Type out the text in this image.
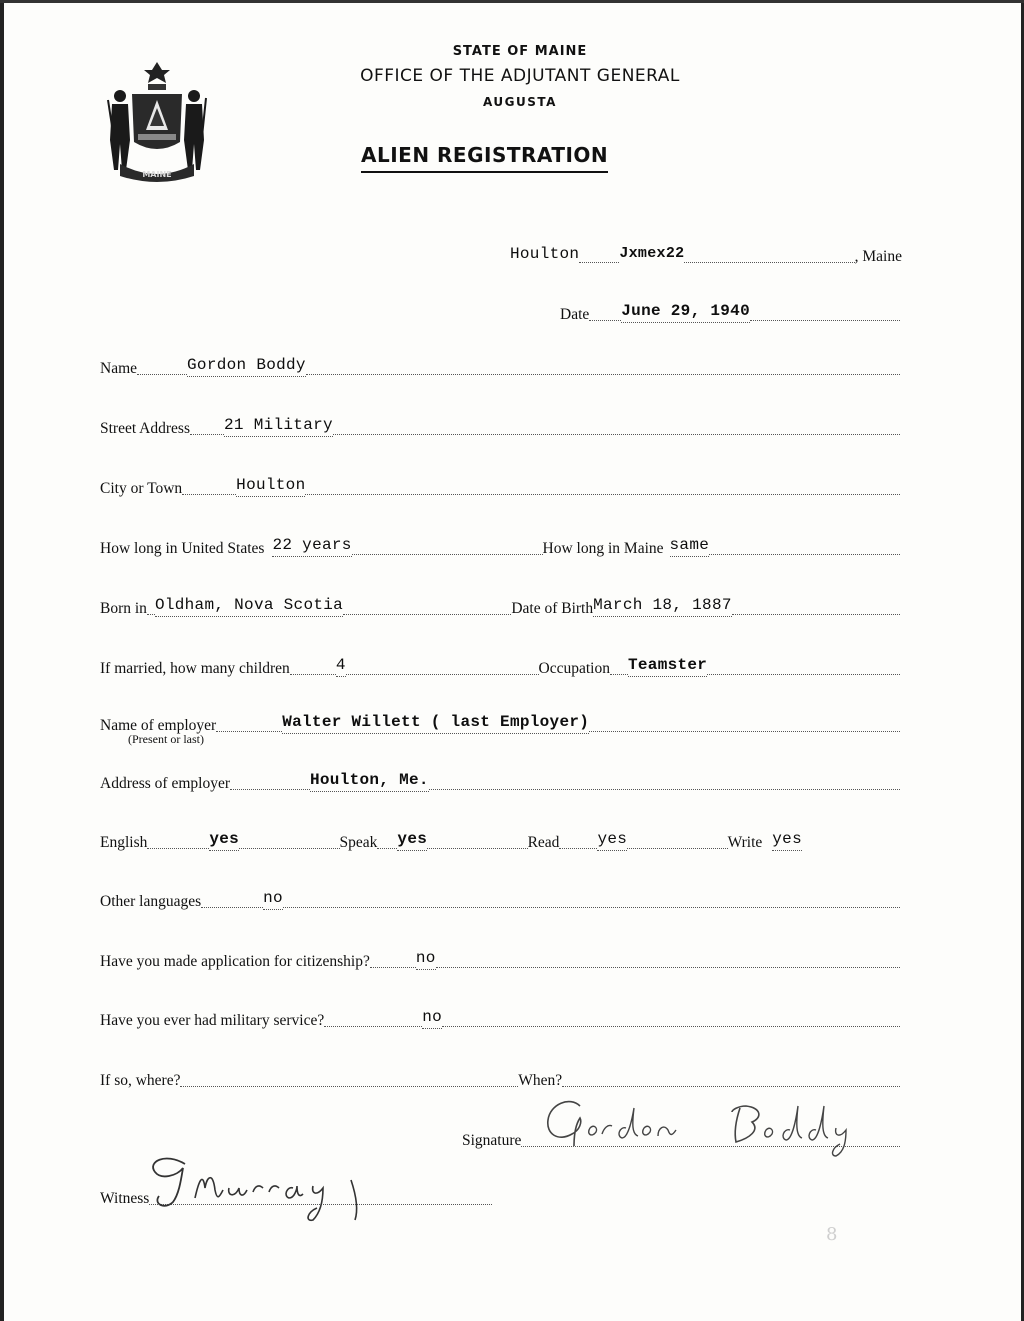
MAINE
STATE OF MAINE
OFFICE OF THE ADJUTANT GENERAL
AUGUSTA
ALIEN REGISTRATION
Houlton	Jxmex22	, Maine
Date June 29, 1940
Name	Gordon Boddy
Street Address 21 Military
City or Town	Houlton
How long in United States 22 years	How long in Maine same
Born in Oldham, Nova Scotia	Date of Birth March 18, 1887
If married, how many children	4	Occupation Teamster
Name of employer	Walter Willett ( last Employer)
(Present or last)
Address of employer	Houlton, Me.
English	yes	Speak yes	Read yes	Write yes
Other languages	no
Have you made application for citizenship?	no
Have you ever had military service?	no
If so, where?	When?
Signature
Witness
8
